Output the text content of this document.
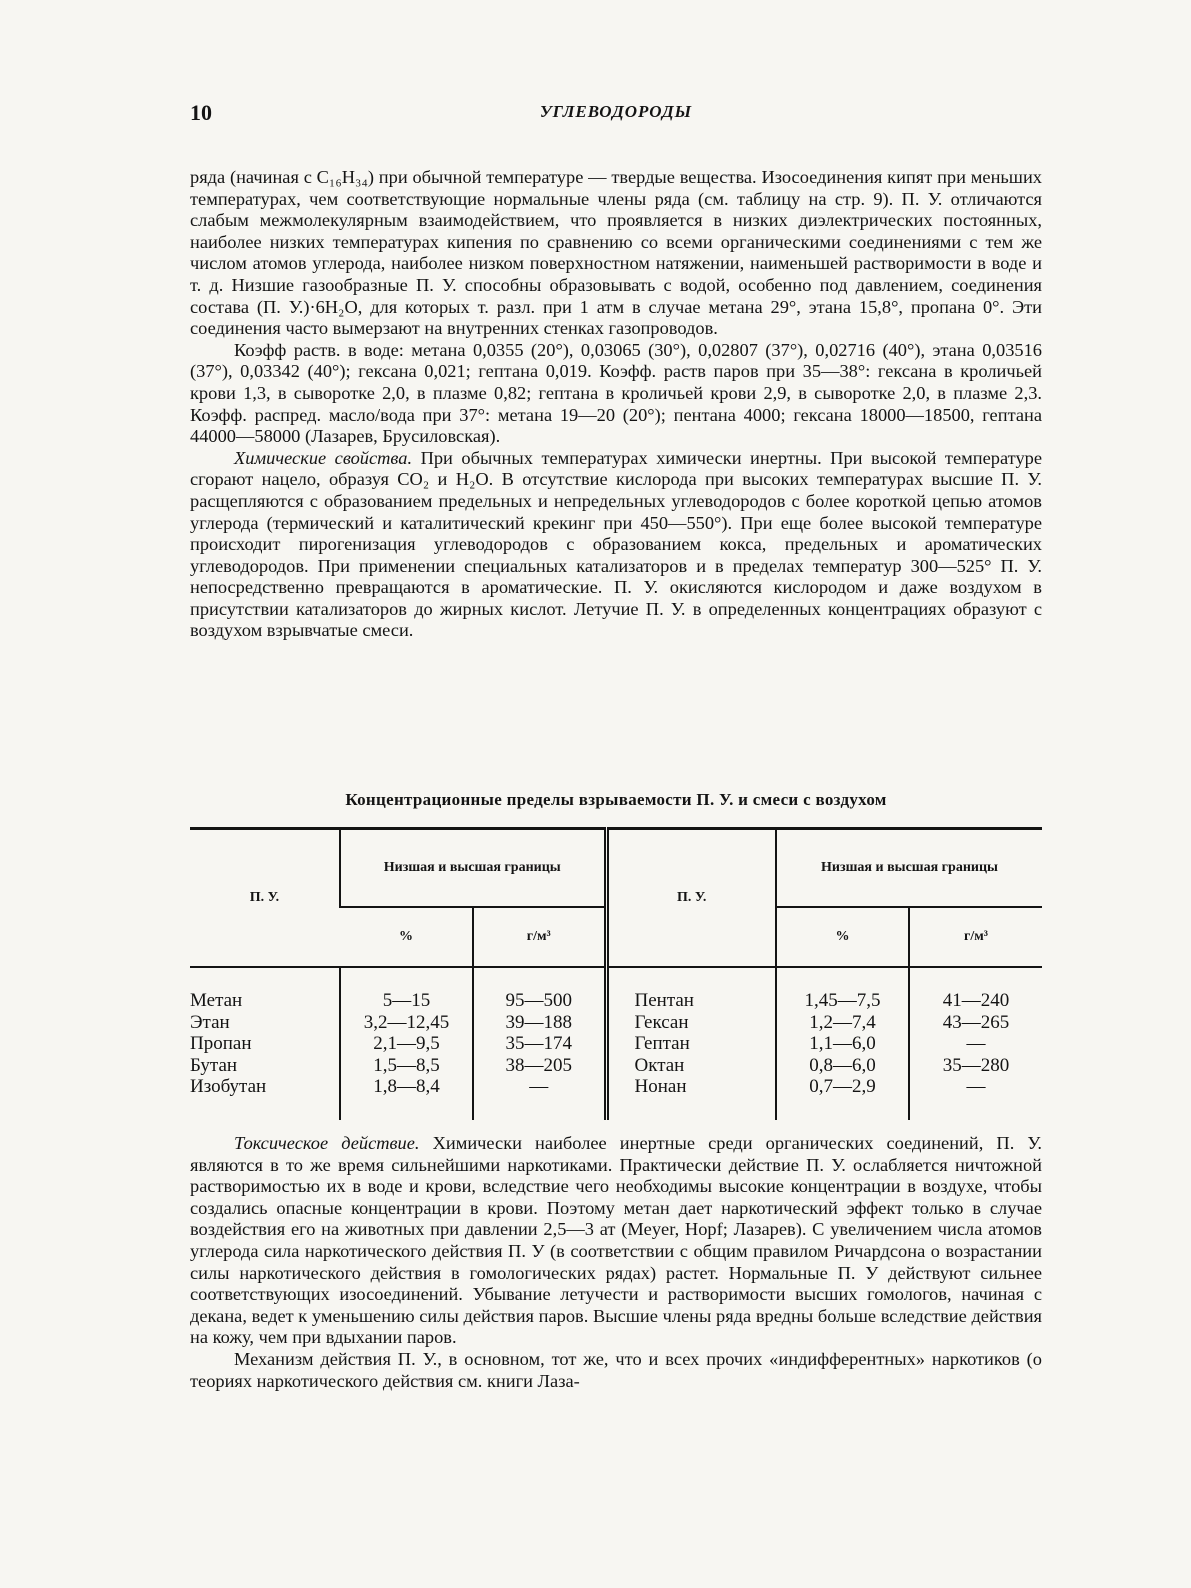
10	УГЛЕВОДОРОДЫ

ряда (начиная с C₁₆H₃₄) при обычной температуре — твердые вещества. Изосоединения кипят при меньших температурах, чем соответствующие нормальные члены ряда (см. таблицу на стр. 9). П. У. отличаются слабым межмолекулярным взаимодействием, что проявляется в низких диэлектрических постоянных, наиболее низких температурах кипения по сравнению со всеми органическими соединениями с тем же числом атомов углерода, наиболее низком поверхностном натяжении, наименьшей растворимости в воде и т. д. Низшие газообразные П. У. способны образовывать с водой, особенно под давлением, соединения состава (П. У.)·6H₂O, для которых т. разл. при 1 атм в случае метана 29°, этана 15,8°, пропана 0°. Эти соединения часто вымерзают на внутренних стенках газопроводов.

Коэфф раств. в воде: метана 0,0355 (20°), 0,03065 (30°), 0,02807 (37°), 0,02716 (40°), этана 0,03516 (37°), 0,03342 (40°); гексана 0,021; гептана 0,019. Коэфф. раств паров при 35—38°: гексана в кроличьей крови 1,3, в сыворотке 2,0, в плазме 0,82; гептана в кроличьей крови 2,9, в сыворотке 2,0, в плазме 2,3. Коэфф. распред. масло/вода при 37°: метана 19—20 (20°); пентана 4000; гексана 18000—18500, гептана 44000—58000 (Лазарев, Брусиловская).

Химические свойства. При обычных температурах химически инертны. При высокой температуре сгорают нацело, образуя CO₂ и H₂O. В отсутствие кислорода при высоких температурах высшие П. У. расщепляются с образованием предельных и непредельных углеводородов с более короткой цепью атомов углерода (термический и каталитический крекинг при 450—550°). При еще более высокой температуре происходит пирогенизация углеводородов с образованием кокса, предельных и ароматических углеводородов. При применении специальных катализаторов и в пределах температур 300—525° П. У. непосредственно превращаются в ароматические. П. У. окисляются кислородом и даже воздухом в присутствии катализаторов до жирных кислот. Летучие П. У. в определенных концентрациях образуют с воздухом взрывчатые смеси.

Концентрационные пределы взрываемости П. У. и смеси с воздухом
П. У.	Низшая и высшая границы		П. У.	Низшая и высшая границы	
	%	г/м³		%	г/м³
Метан	5—15	95—500	Пентан	1,45—7,5	41—240
Этан	3,2—12,45	39—188	Гексан	1,2—7,4	43—265
Пропан	2,1—9,5	35—174	Гептан	1,1—6,0	—
Бутан	1,5—8,5	38—205	Октан	0,8—6,0	35—280
Изобутан	1,8—8,4	—	Нонан	0,7—2,9	—

Токсическое действие. Химически наиболее инертные среди органических соединений, П. У. являются в то же время сильнейшими наркотиками. Практически действие П. У. ослабляется ничтожной растворимостью их в воде и крови, вследствие чего необходимы высокие концентрации в воздухе, чтобы создались опасные концентрации в крови. Поэтому метан дает наркотический эффект только в случае воздействия его на животных при давлении 2,5—3 ат (Meyer, Hopf; Лазарев). С увеличением числа атомов углерода сила наркотического действия П. У (в соответствии с общим правилом Ричардсона о возрастании силы наркотического действия в гомологических рядах) растет. Нормальные П. У действуют сильнее соответствующих изосоединений. Убывание летучести и растворимости высших гомологов, начиная с декана, ведет к уменьшению силы действия паров. Высшие члены ряда вредны больше вследствие действия на кожу, чем при вдыхании паров.

Механизм действия П. У., в основном, тот же, что и всех прочих «индифферентных» наркотиков (о теориях наркотического действия см. книги Лаза-
